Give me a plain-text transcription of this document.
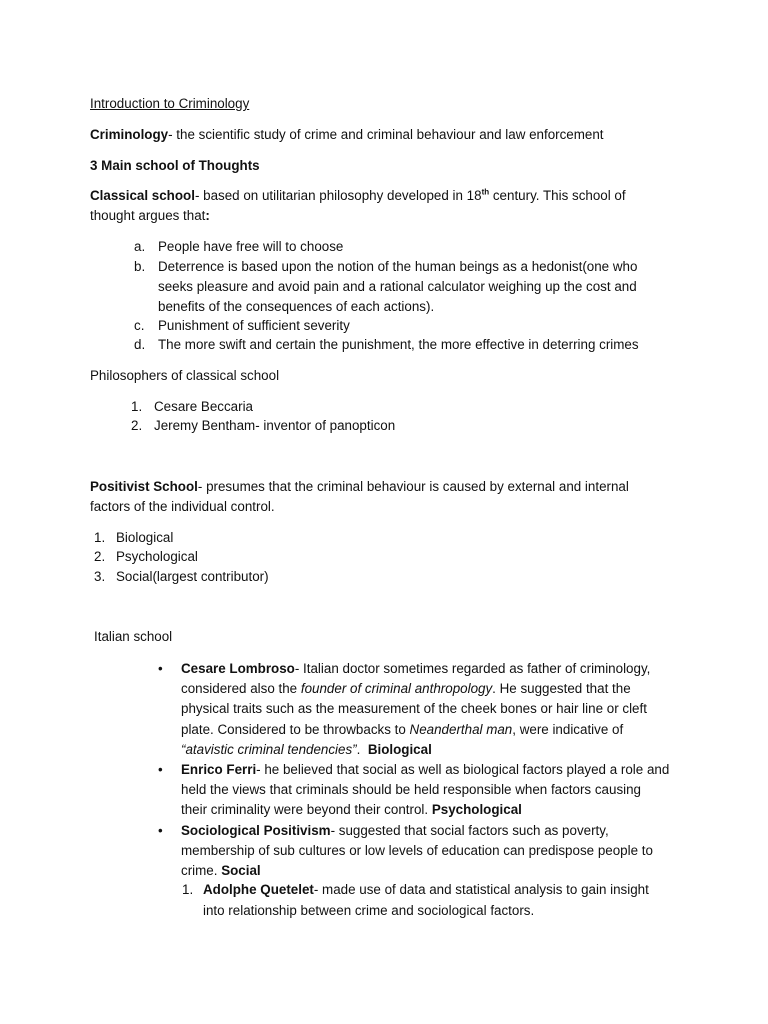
Introduction to Criminology
Criminology- the scientific study of crime and criminal behaviour and law enforcement
3 Main school of Thoughts
Classical school- based on utilitarian philosophy developed in 18th century. This school of
thought argues that:
a. People have free will to choose
b. Deterrence is based upon the notion of the human beings as a hedonist(one who
seeks pleasure and avoid pain and a rational calculator weighing up the cost and
benefits of the consequences of each actions).
c. Punishment of sufficient severity
d. The more swift and certain the punishment, the more effective in deterring crimes
Philosophers of classical school
1. Cesare Beccaria
2. Jeremy Bentham- inventor of panopticon
Positivist School- presumes that the criminal behaviour is caused by external and internal
factors of the individual control.
1. Biological
2. Psychological
3. Social(largest contributor)
Italian school
• Cesare Lombroso- Italian doctor sometimes regarded as father of criminology,
considered also the founder of criminal anthropology. He suggested that the
physical traits such as the measurement of the cheek bones or hair line or cleft
plate. Considered to be throwbacks to Neanderthal man, were indicative of
“atavistic criminal tendencies”.  Biological
• Enrico Ferri- he believed that social as well as biological factors played a role and
held the views that criminals should be held responsible when factors causing
their criminality were beyond their control. Psychological
• Sociological Positivism- suggested that social factors such as poverty,
membership of sub cultures or low levels of education can predispose people to
crime. Social
1. Adolphe Quetelet- made use of data and statistical analysis to gain insight
into relationship between crime and sociological factors.
